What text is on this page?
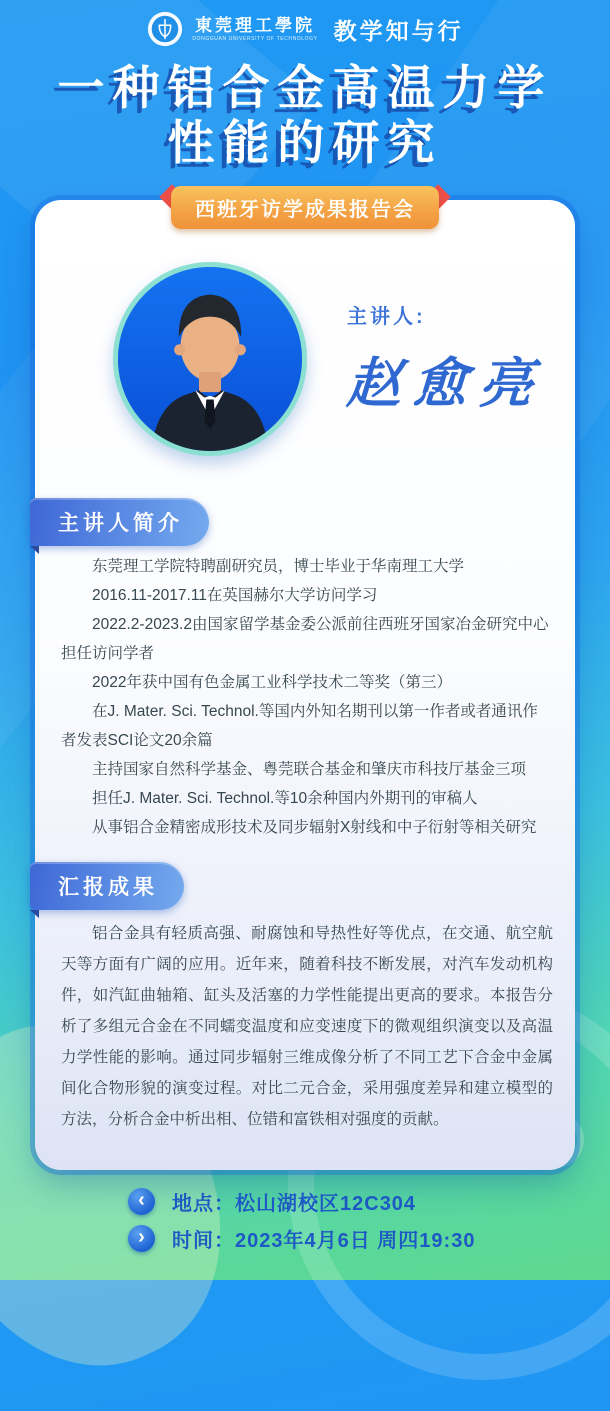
東莞理工學院
DONGGUAN UNIVERSITY OF TECHNOLOGY 教学知与行
一种铝合金高温力学
性能的研究
西班牙访学成果报告会
主讲人:
赵愈亮
主讲人简介

东莞理工学院特聘副研究员，博士毕业于华南理工大学

2016.11-2017.11在英国赫尔大学访问学习

2022.2-2023.2由国家留学基金委公派前往西班牙国家冶金研究中心担任访问学者

2022年获中国有色金属工业科学技术二等奖（第三）

在J. Mater. Sci. Technol.等国内外知名期刊以第一作者或者通讯作者发表SCI论文20余篇

主持国家自然科学基金、粤莞联合基金和肇庆市科技厅基金三项

担任J. Mater. Sci. Technol.等10余种国内外期刊的审稿人

从事铝合金精密成形技术及同步辐射X射线和中子衍射等相关研究

汇报成果

铝合金具有轻质高强、耐腐蚀和导热性好等优点，在交通、航空航天等方面有广阔的应用。近年来，随着科技不断发展，对汽车发动机构件，如汽缸曲轴箱、缸头及活塞的力学性能提出更高的要求。本报告分析了多组元合金在不同蠕变温度和应变速度下的微观组织演变以及高温力学性能的影响。通过同步辐射三维成像分析了不同工艺下合金中金属间化合物形貌的演变过程。对比二元合金，采用强度差异和建立模型的方法，分析合金中析出相、位错和富铁相对强度的贡献。

‹	地点：松山湖校区12C304
›	时间：2023年4月6日 周四19:30
